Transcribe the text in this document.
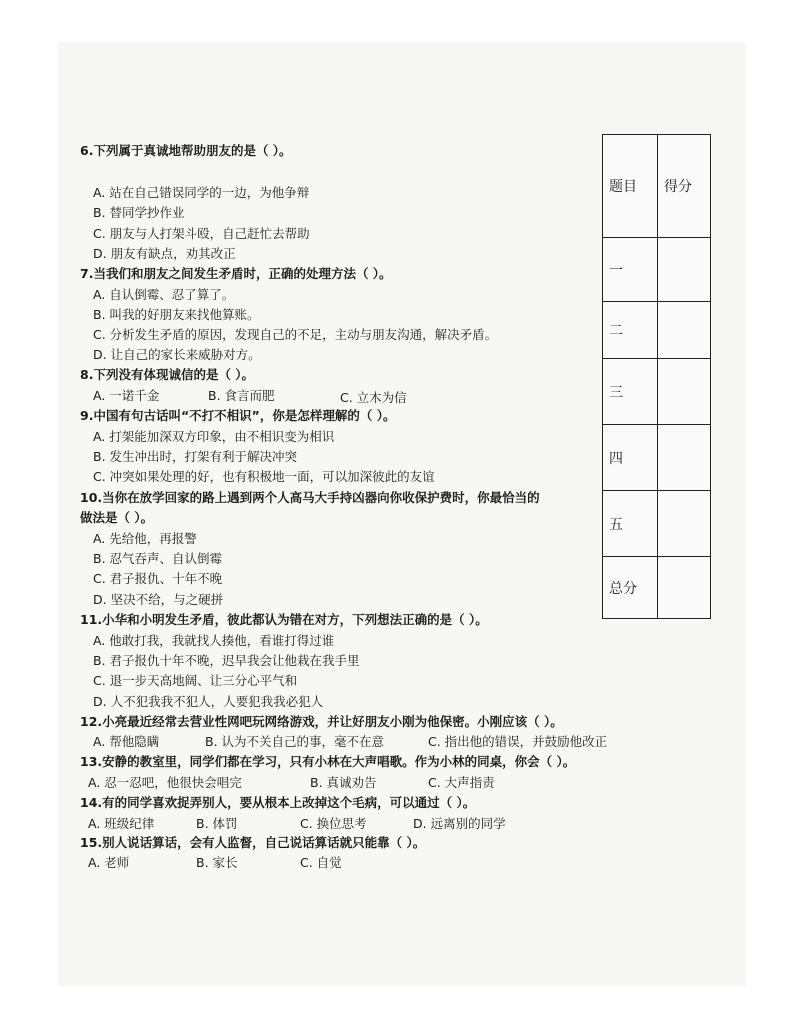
6.下列属于真诚地帮助朋友的是（ ）。
A. 站在自己错误同学的一边，为他争辩
B. 替同学抄作业
C. 朋友与人打架斗殴，自己赶忙去帮助
D. 朋友有缺点，劝其改正
7.当我们和朋友之间发生矛盾时，正确的处理方法（ ）。
A. 自认倒霉、忍了算了。
B. 叫我的好朋友来找他算账。
C. 分析发生矛盾的原因，发现自己的不足，主动与朋友沟通，解决矛盾。
D. 让自己的家长来威胁对方。
8.下列没有体现诚信的是（ ）。
A. 一诺千金	B. 食言而肥	C. 立木为信
9.中国有句古话叫“不打不相识”，你是怎样理解的（ ）。
A. 打架能加深双方印象，由不相识变为相识
B. 发生冲出时，打架有利于解决冲突
C. 冲突如果处理的好，也有积极地一面，可以加深彼此的友谊
10.当你在放学回家的路上遇到两个人高马大手持凶器向你收保护费时，你最恰当的
做法是（ ）。
A. 先给他，再报警
B. 忍气吞声、自认倒霉
C. 君子报仇、十年不晚
D. 坚决不给，与之硬拼
11.小华和小明发生矛盾，彼此都认为错在对方，下列想法正确的是（ ）。
A. 他敢打我，我就找人揍他，看谁打得过谁
B. 君子报仇十年不晚，迟早我会让他栽在我手里
C. 退一步天高地阔、让三分心平气和
D. 人不犯我我不犯人，人要犯我我必犯人
12.小亮最近经常去营业性网吧玩网络游戏，并让好朋友小刚为他保密。小刚应该（ ）。
A. 帮他隐瞒	B. 认为不关自己的事，毫不在意	C. 指出他的错误，并鼓励他改正
13.安静的教室里，同学们都在学习，只有小林在大声唱歌。作为小林的同桌，你会（ ）。
A. 忍一忍吧，他很快会唱完	B. 真诚劝告	C. 大声指责
14.有的同学喜欢捉弄别人，要从根本上改掉这个毛病，可以通过（ ）。
A. 班级纪律	B. 体罚	C. 换位思考	D. 远离别的同学
15.别人说话算话，会有人监督，自己说话算话就只能靠（ ）。
A. 老师	B. 家长	C. 自觉
题目	得分
一	
二	
三	
四	
五	
总分	
